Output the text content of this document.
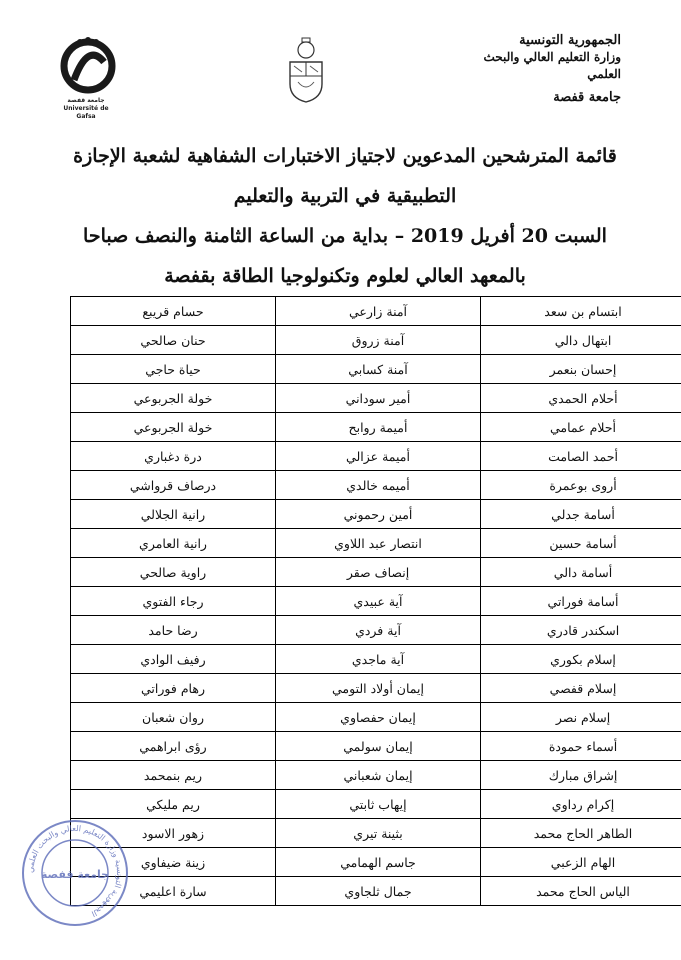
الجمهورية التونسية
وزارة التعليم العالي والبحث
العلمي
جامعة قفصة
جامعة قفصة
Université de Gafsa
قائمة المترشحين المدعوين لاجتياز الاختبارات الشفاهية لشعبة الإجازة
التطبيقية في التربية والتعليم
السبت 20 أفريل 2019 – بداية من الساعة الثامنة والنصف صباحا
بالمعهد العالي لعلوم وتكنولوجيا الطاقة بقفصة
ابتسام بن سعد	آمنة زارعي	حسام قريبع
ابتهال دالي	آمنة زروق	حنان صالحي
إحسان بنعمر	آمنة كسابي	حياة حاجي
أحلام الحمدي	أمير سوداني	خولة الجربوعي
أحلام عمامي	أميمة روابح	خولة الجربوعي
أحمد الصامت	أميمة عزالي	درة دغباري
أروى بوعمرة	أميمه خالدي	درصاف قرواشي
أسامة جدلي	أمين رحموني	رانية الجلالي
أسامة حسين	انتصار عبد اللاوي	رانية العامري
أسامة دالي	إنصاف صقر	راوية صالحي
أسامة فوراتي	آية عبيدي	رجاء الفتوي
اسكندر قادري	آية فردي	رضا حامد
إسلام بكوري	آية ماجدي	رفيف الوادي
إسلام قفصي	إيمان أولاد التومي	رهام فوراتي
إسلام نصر	إيمان حفصاوي	روان شعبان
أسماء حمودة	إيمان سولمي	رؤى ابراهمي
إشراق مبارك	إيمان شعباني	ريم بنمحمد
إكرام رداوي	إيهاب ثابتي	ريم مليكي
الطاهر الحاج محمد	بثينة تيري	زهور الاسود
الهام الزعبي	جاسم الهمامي	زينة ضيفاوي
الياس الحاج محمد	جمال ثلجاوي	سارة اعليمي
الجمهورية التونسية وزارة التعليم العالي والبحث العلمي
جامعة قفصة
